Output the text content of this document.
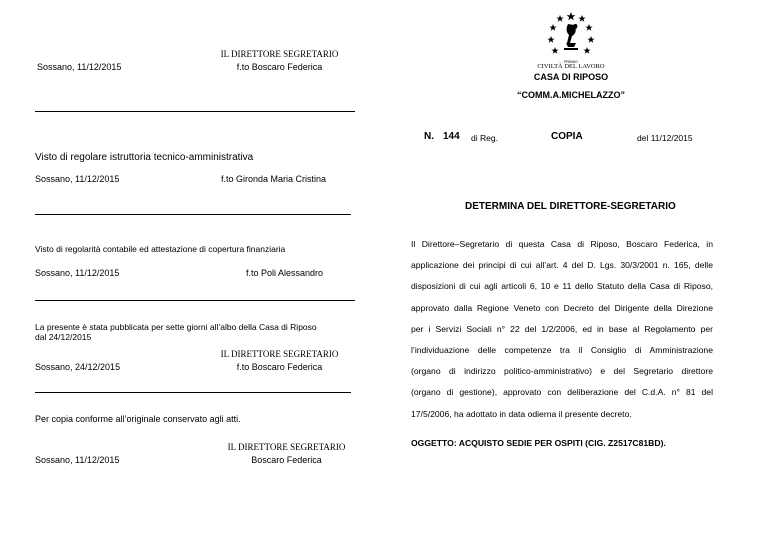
Sossano, 11/12/2015
IL DIRETTORE SEGRETARIO
f.to Boscaro Federica	PREMIO
CIVILTÀ DEL LAVORO
CASA DI RIPOSO
“COMM.A.MICHELAZZO”
N. 144 di Reg.	COPIA	del 11/12/2015
Visto di regolare istruttoria tecnico-amministrativa
Sossano, 11/12/2015	f.to Gironda Maria Cristina
DETERMINA DEL DIRETTORE-SEGRETARIO
Visto di regolarità contabile ed attestazione di copertura finanziaria
Sossano, 11/12/2015	f.to Poli Alessandro
Il Direttore–Segretario di questa Casa di Riposo, Boscaro Federica, in
applicazione dei principi di cui all’art. 4 del D. Lgs. 30/3/2001 n. 165, delle
disposizioni di cui agli articoli 6, 10 e 11 dello Statuto della Casa di Riposo,
approvato dalla Regione Veneto con Decreto del Dirigente della Direzione
per i Servizi Sociali n° 22 del 1/2/2006, ed in base al Regolamento per
l’individuazione delle competenze tra il Consiglio di Amministrazione
(organo di indirizzo politico-amministrativo) e del Segretario direttore
(organo di gestione), approvato con deliberazione del C.d.A. n° 81 del
17/5/2006, ha adottato in data odierna il presente decreto.
La presente è stata pubblicata per sette giorni all’albo della Casa di Riposo
dal 24/12/2015
IL DIRETTORE SEGRETARIO
f.to Boscaro Federica
Sossano, 24/12/2015
Per copia conforme all’originale conservato agli atti.
IL DIRETTORE SEGRETARIO
Boscaro Federica
Sossano, 11/12/2015
OGGETTO: ACQUISTO SEDIE PER OSPITI (CIG. Z2517C81BD).
